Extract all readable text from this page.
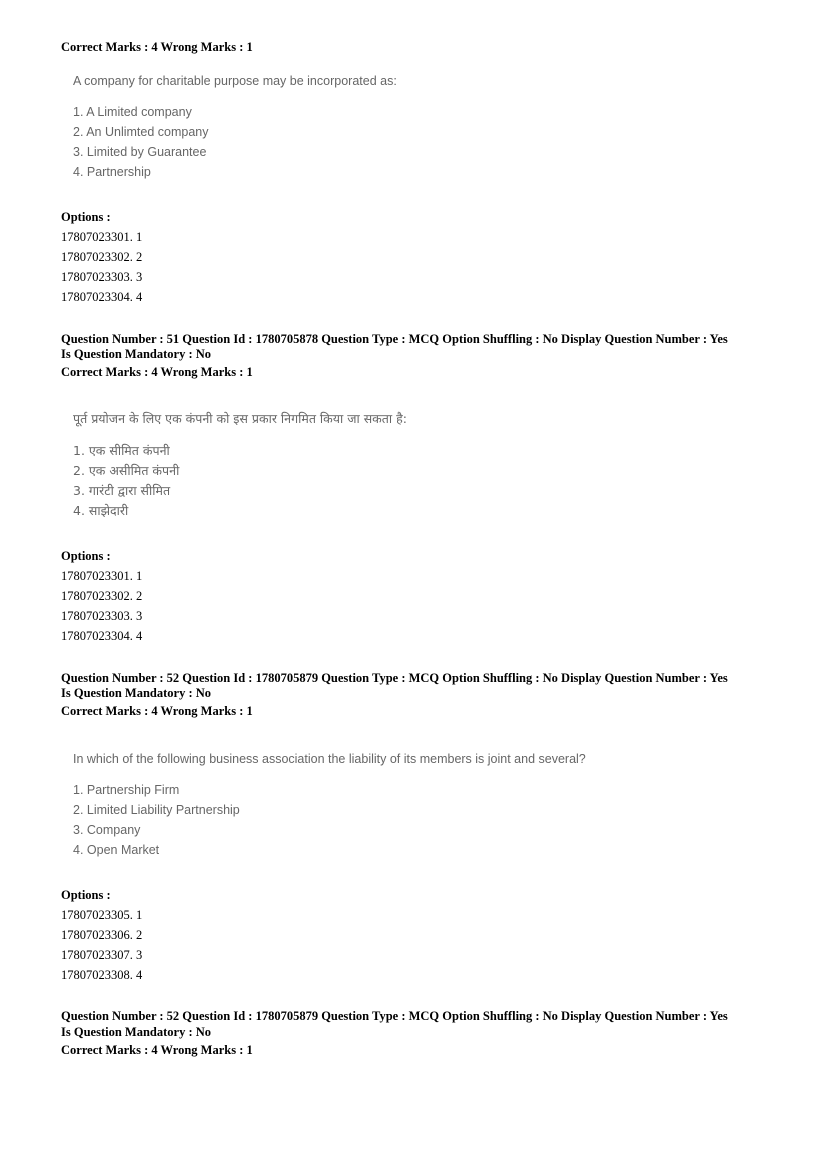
Correct Marks : 4 Wrong Marks : 1
A company for charitable purpose may be incorporated as:
1. A Limited company
2. An Unlimted company
3. Limited by Guarantee
4. Partnership
Options :
17807023301. 1
17807023302. 2
17807023303. 3
17807023304. 4
Question Number : 51 Question Id : 1780705878 Question Type : MCQ Option Shuffling : No Display Question Number : Yes
Is Question Mandatory : No
Correct Marks : 4 Wrong Marks : 1
पूर्त प्रयोजन के लिए एक कंपनी को इस प्रकार निगमित किया जा सकता है:
1. एक सीमित कंपनी
2. एक असीमित कंपनी
3. गारंटी द्वारा सीमित
4. साझेदारी
Options :
17807023301. 1
17807023302. 2
17807023303. 3
17807023304. 4
Question Number : 52 Question Id : 1780705879 Question Type : MCQ Option Shuffling : No Display Question Number : Yes
Is Question Mandatory : No
Correct Marks : 4 Wrong Marks : 1
In which of the following business association the liability of its members is joint and several?
1. Partnership Firm
2. Limited Liability Partnership
3. Company
4. Open Market
Options :
17807023305. 1
17807023306. 2
17807023307. 3
17807023308. 4
Question Number : 52 Question Id : 1780705879 Question Type : MCQ Option Shuffling : No Display Question Number : Yes
Is Question Mandatory : No
Correct Marks : 4 Wrong Marks : 1
